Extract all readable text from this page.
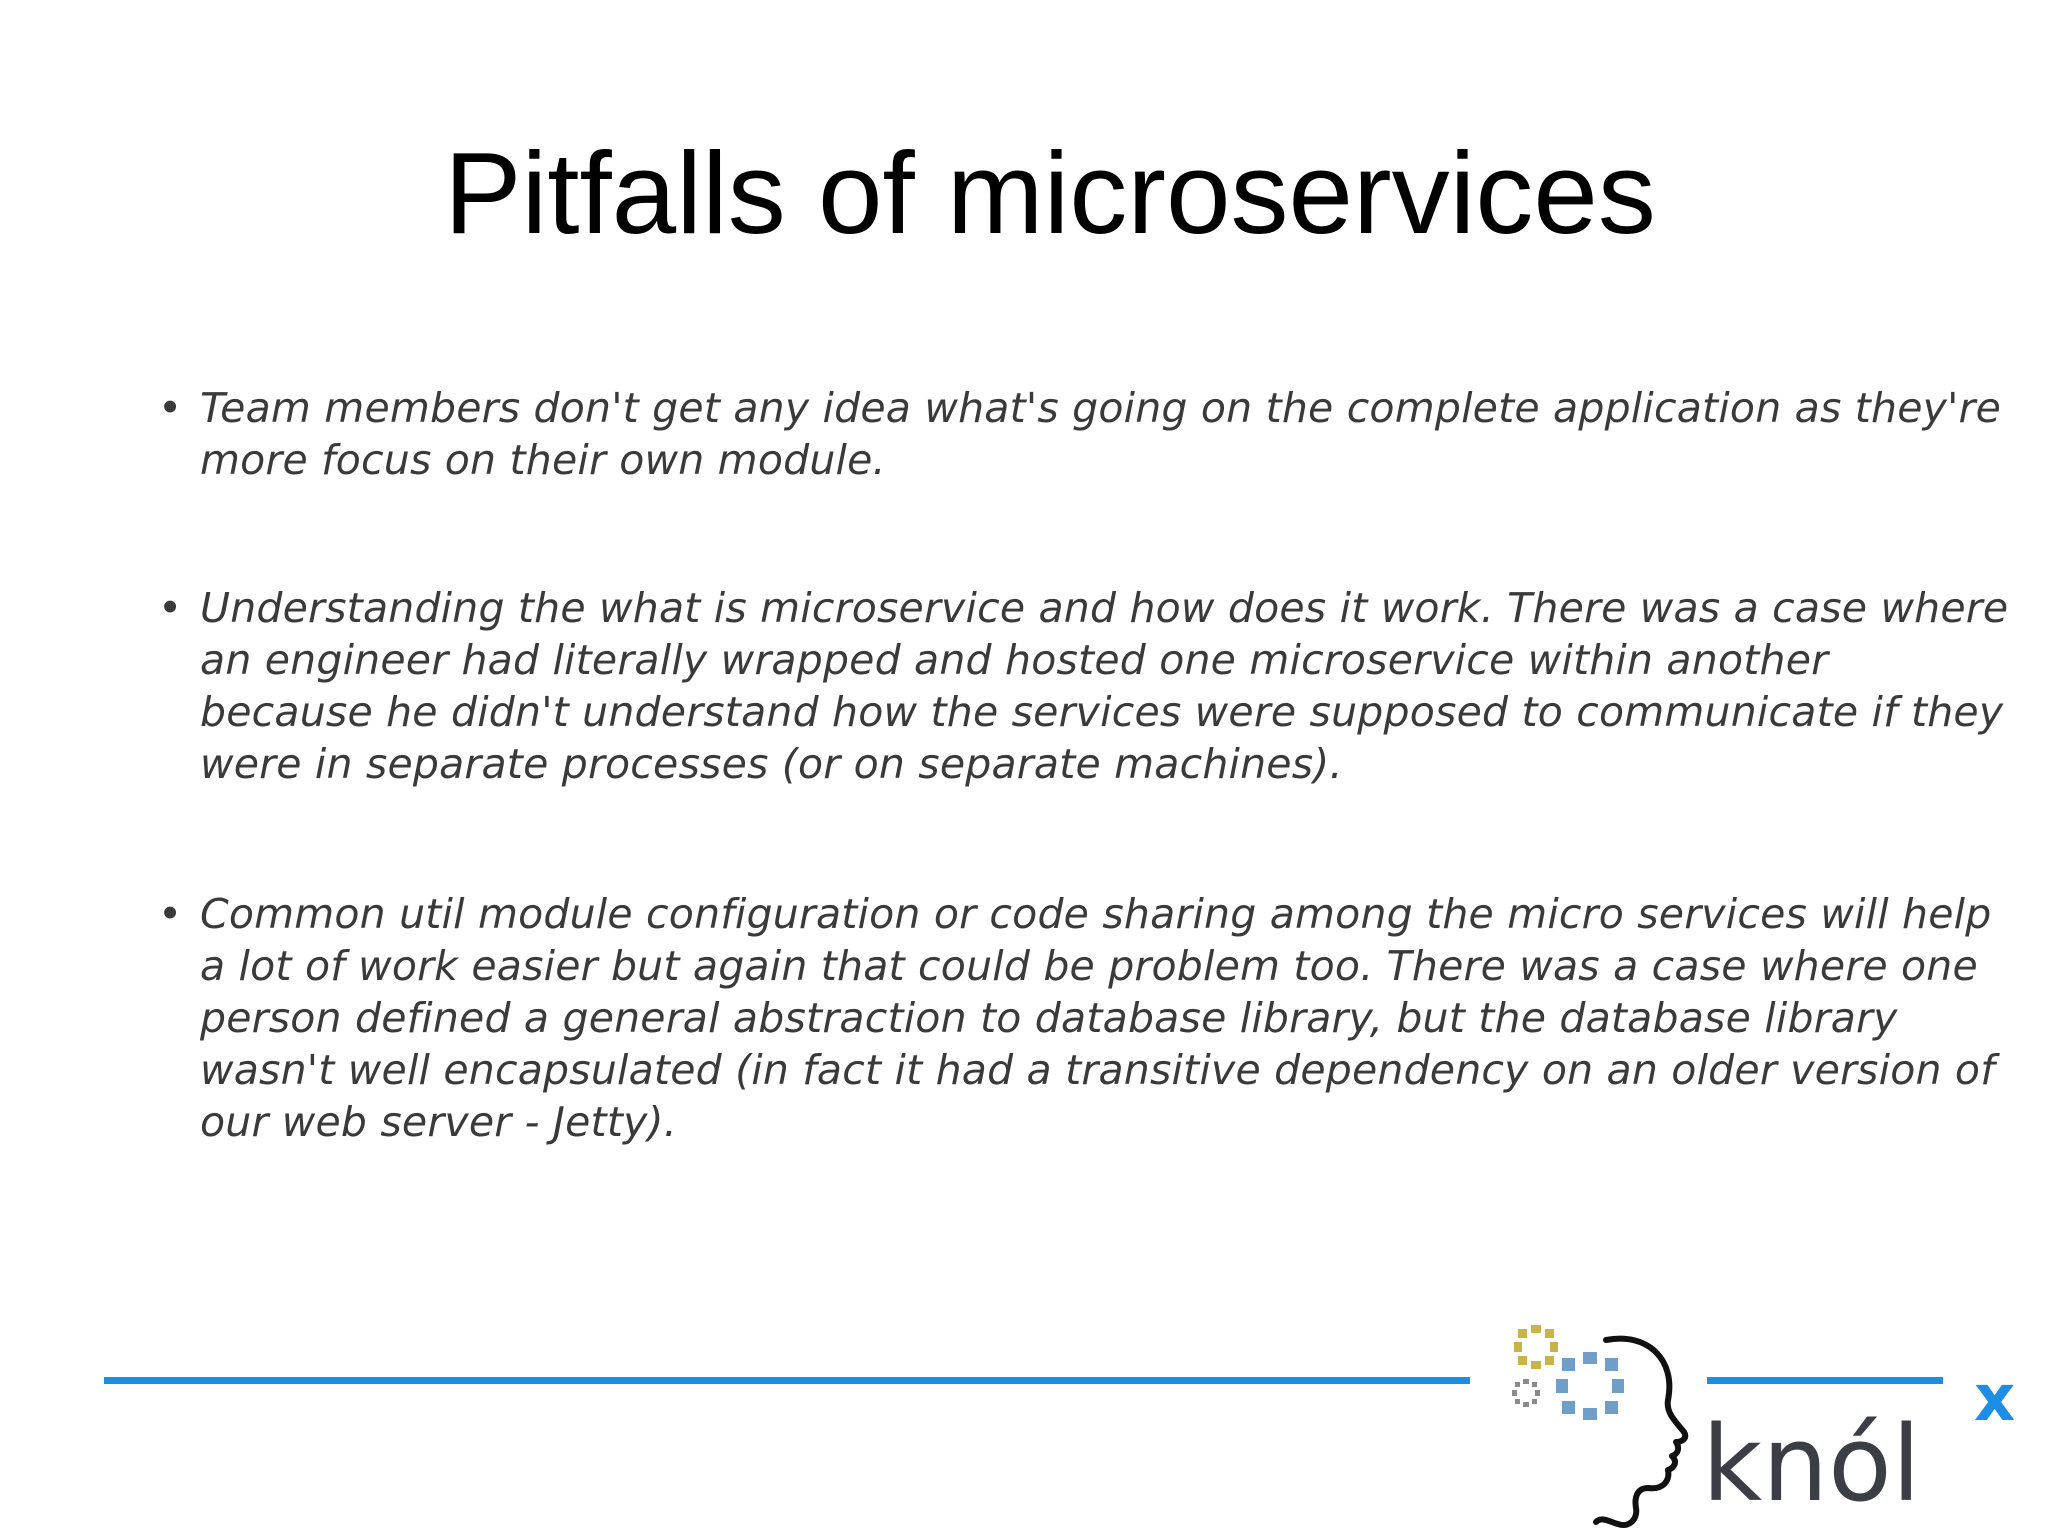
Pitfalls of microservices
• Team members don't get any idea what's going on the complete application as they're more focus on their own module.
• Understanding the what is microservice and how does it work. There was a case where an engineer had literally wrapped and hosted one microservice within another because he didn't understand how the services were supposed to communicate if they were in separate processes (or on separate machines).
• Common util module configuration or code sharing among the micro services will help a lot of work easier but again that could be problem too. There was a case where one person defined a general abstraction to database library, but the database library wasn't well encapsulated (in fact it had a transitive dependency on an older version of our web server - Jetty).
knól
x
